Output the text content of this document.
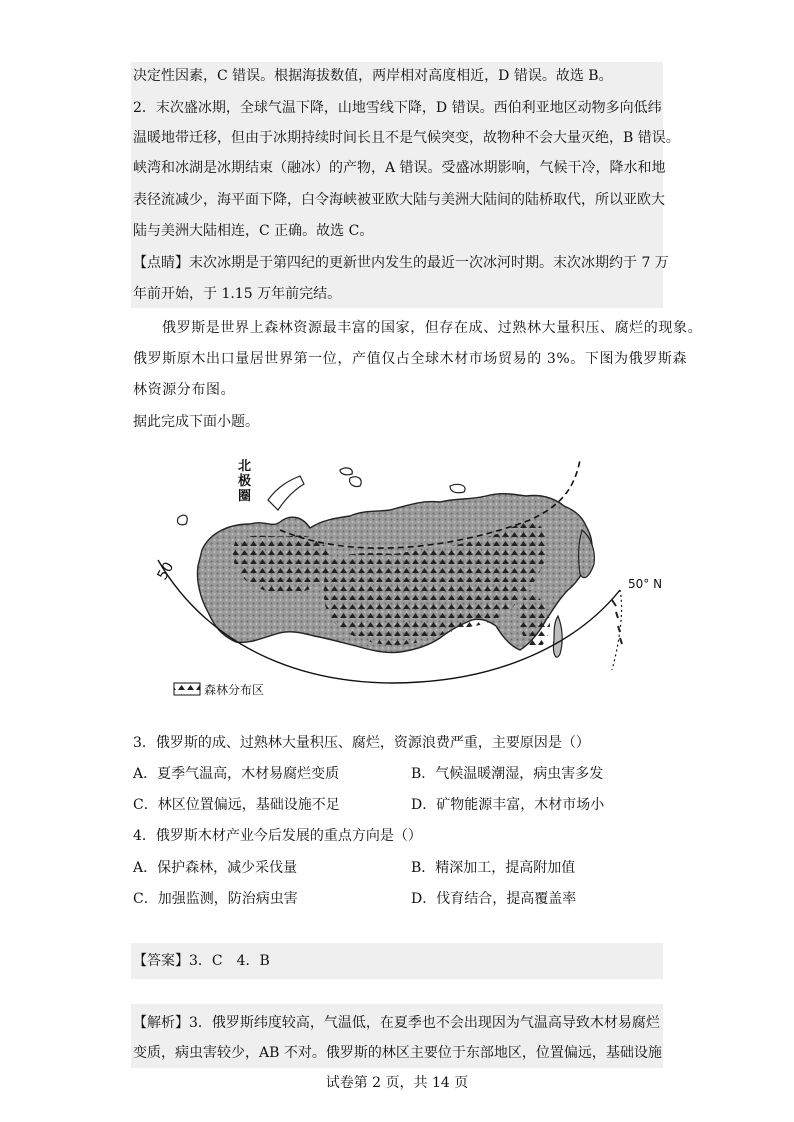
决定性因素，C 错误。根据海拔数值，两岸相对高度相近，D 错误。故选 B。
2．末次盛冰期，全球气温下降，山地雪线下降，D 错误。西伯利亚地区动物多向低纬
温暖地带迁移，但由于冰期持续时间长且不是气候突变，故物种不会大量灭绝，B 错误。
峡湾和冰湖是冰期结束（融冰）的产物，A 错误。受盛冰期影响，气候干冷，降水和地
表径流减少，海平面下降，白令海峡被亚欧大陆与美洲大陆间的陆桥取代，所以亚欧大
陆与美洲大陆相连，C 正确。故选 C。
【点睛】末次冰期是于第四纪的更新世内发生的最近一次冰河时期。末次冰期约于 7 万
年前开始，于 1.15 万年前完结。
俄罗斯是世界上森林资源最丰富的国家，但存在成、过熟林大量积压、腐烂的现象。
俄罗斯原木出口量居世界第一位，产值仅占全球木材市场贸易的 3%。下图为俄罗斯森
林资源分布图。
据此完成下面小题。
北
极
圈
50
50° N
森林分布区
3．俄罗斯的成、过熟林大量积压、腐烂，资源浪费严重，主要原因是（）
A．夏季气温高，木材易腐烂变质	B．气候温暖潮湿，病虫害多发
C．林区位置偏远，基础设施不足	D．矿物能源丰富，木材市场小
4．俄罗斯木材产业今后发展的重点方向是（）
A．保护森林，减少采伐量	B．精深加工，提高附加值
C．加强监测，防治病虫害	D．伐育结合，提高覆盖率
【答案】3．C　4．B
【解析】3．俄罗斯纬度较高，气温低，在夏季也不会出现因为气温高导致木材易腐烂
变质，病虫害较少，AB 不对。俄罗斯的林区主要位于东部地区，位置偏远，基础设施
试卷第 2 页，共 14 页
